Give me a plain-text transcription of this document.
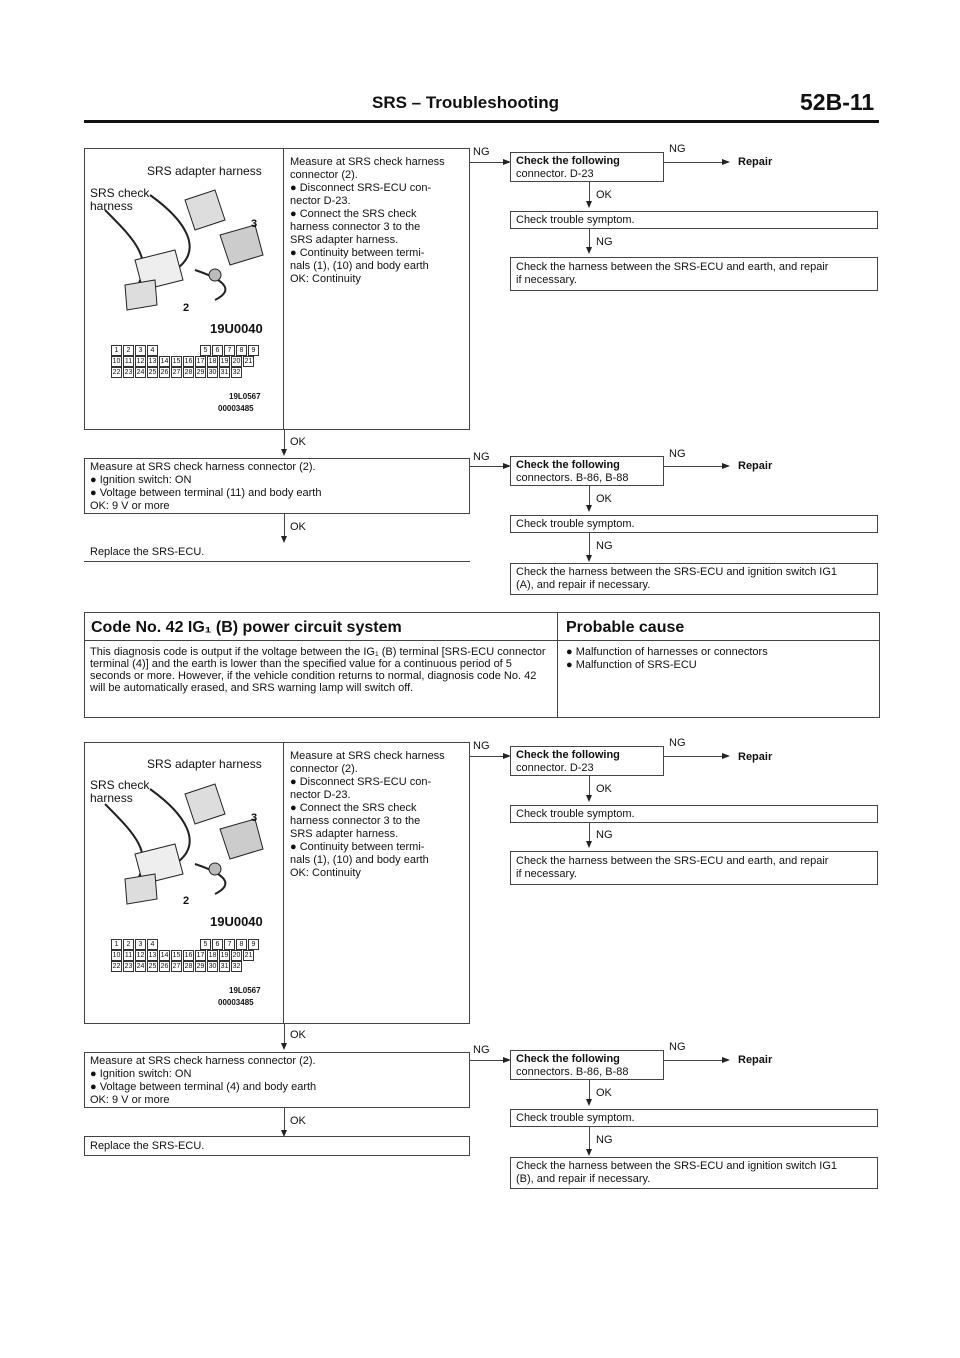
SRS – Troubleshooting	52B-11
SRS adapter harness
SRS check
harness
3
2
19U0040
1 2 3 4	5 6 7 8 9
10 11 12 13 14 15 16 17 18 19 20 21
22 23 24 25 26 27 28 29 30 31 32
19L0567
00003485
Measure at SRS check harness
connector (2).
● Disconnect SRS-ECU con-
nector D-23.
● Connect the SRS check
harness connector 3 to the
SRS adapter harness.
● Continuity between termi-
nals (1), (10) and body earth
OK: Continuity
NG
Check the following
connector. D-23
NG
Repair
OK
Check trouble symptom.
NG
Check the harness between the SRS-ECU and earth, and repair
if necessary.
OK
Measure at SRS check harness connector (2).
● Ignition switch: ON
● Voltage between terminal (11) and body earth
OK: 9 V or more
NG
Check the following
connectors. B-86, B-88
NG
Repair
OK
Check trouble symptom.
NG
Check the harness between the SRS-ECU and ignition switch IG1
(A), and repair if necessary.
OK
Replace the SRS-ECU.
Code No. 42 IG₁ (B) power circuit system	Probable cause
This diagnosis code is output if the voltage between the IG₁ (B) terminal [SRS-ECU connector terminal (4)] and the earth is lower than the specified value for a continuous period of 5 seconds or more. However, if the vehicle condition returns to normal, diagnosis code No. 42 will be automatically erased, and SRS warning lamp will switch off.
● Malfunction of harnesses or connectors
● Malfunction of SRS-ECU
SRS adapter harness
SRS check
harness
3
2
19U0040
1 2 3 4	5 6 7 8 9
10 11 12 13 14 15 16 17 18 19 20 21
22 23 24 25 26 27 28 29 30 31 32
19L0567
00003485
Measure at SRS check harness
connector (2).
● Disconnect SRS-ECU con-
nector D-23.
● Connect the SRS check
harness connector 3 to the
SRS adapter harness.
● Continuity between termi-
nals (1), (10) and body earth
OK: Continuity
NG
Check the following
connector. D-23
NG
Repair
OK
Check trouble symptom.
NG
Check the harness between the SRS-ECU and earth, and repair
if necessary.
OK
Measure at SRS check harness connector (2).
● Ignition switch: ON
● Voltage between terminal (4) and body earth
OK: 9 V or more
NG
Check the following
connectors. B-86, B-88
NG
Repair
OK
Check trouble symptom.
NG
Check the harness between the SRS-ECU and ignition switch IG1
(B), and repair if necessary.
OK
Replace the SRS-ECU.
